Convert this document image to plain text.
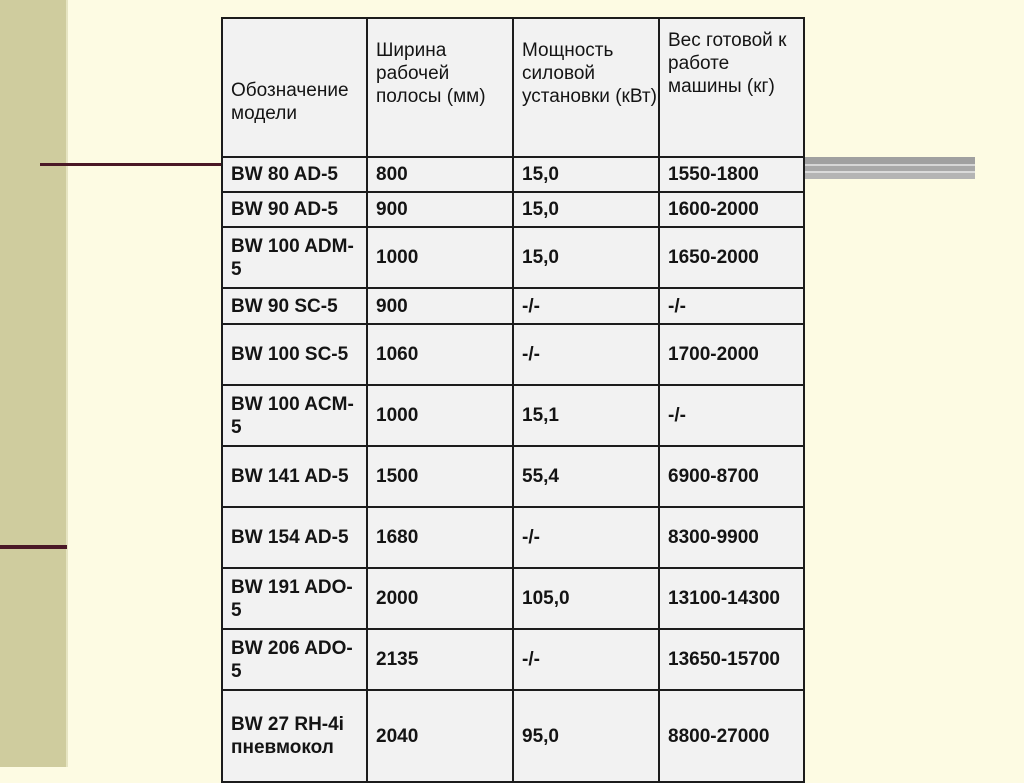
Обозначение модели	Ширина рабочей полосы (мм)	Мощность силовой установки (кВт)	Вес готовой к работе машины (кг)
BW 80 AD-5	800	15,0	1550-1800
BW 90 AD-5	900	15,0	1600-2000
BW 100 ADM-5	1000	15,0	1650-2000
BW 90 SC-5	900	-/-	-/-
BW 100 SC-5	1060	-/-	1700-2000
BW 100 ACM-5	1000	15,1	-/-
BW 141 AD-5	1500	55,4	6900-8700
BW 154 AD-5	1680	-/-	8300-9900
BW 191 ADO-5	2000	105,0	13100-14300
BW 206 ADO-5	2135	-/-	13650-15700
BW 27 RH-4i пневмокол	2040	95,0	8800-27000
